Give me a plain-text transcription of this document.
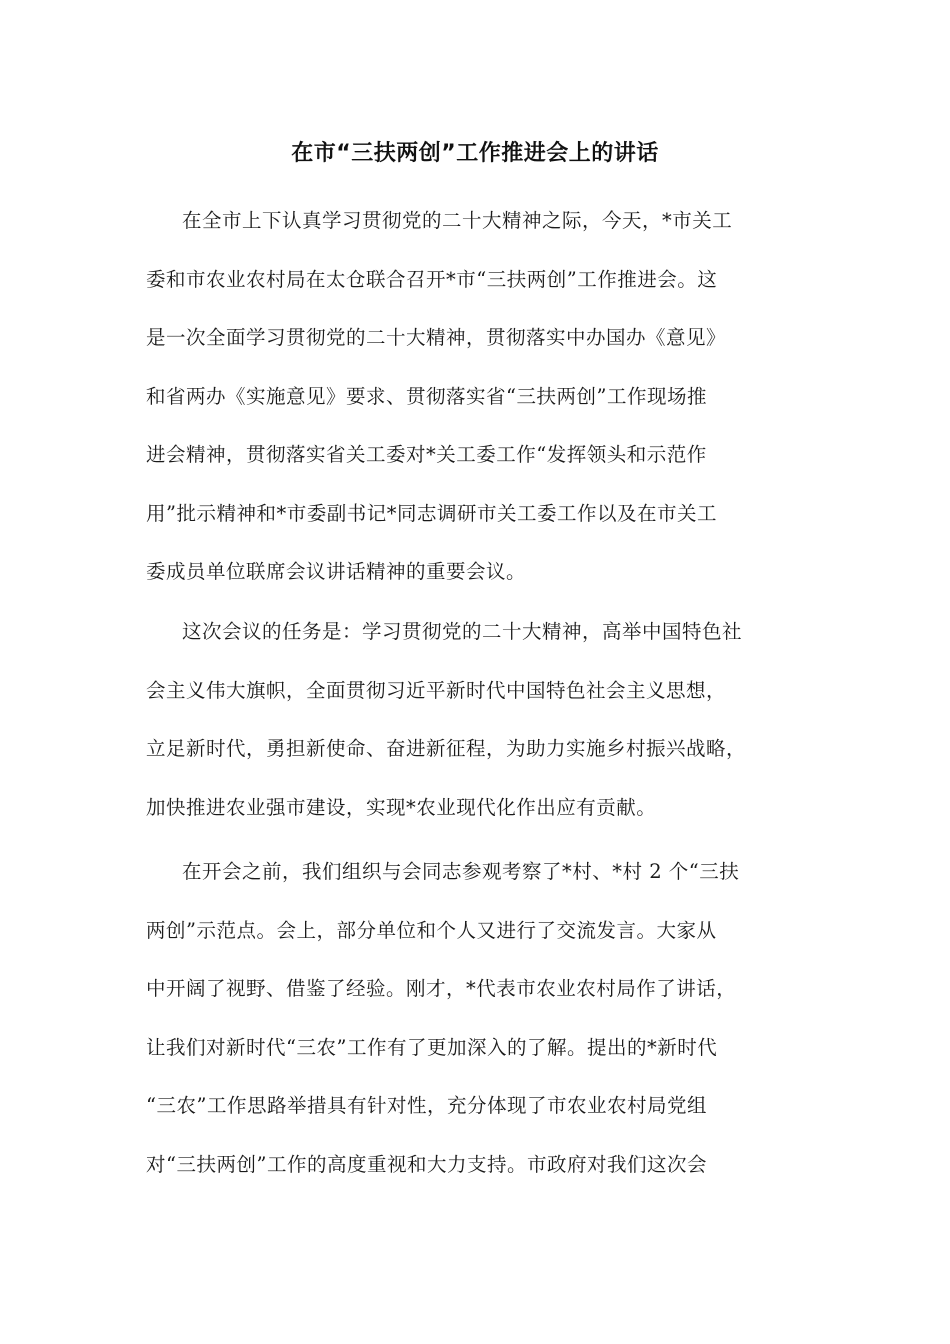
在市“三扶两创”工作推进会上的讲话
在全市上下认真学习贯彻党的二十大精神之际，今天，*市关工
委和市农业农村局在太仓联合召开*市“三扶两创”工作推进会。这
是一次全面学习贯彻党的二十大精神，贯彻落实中办国办《意见》
和省两办《实施意见》要求、贯彻落实省“三扶两创”工作现场推
进会精神，贯彻落实省关工委对*关工委工作“发挥领头和示范作
用”批示精神和*市委副书记*同志调研市关工委工作以及在市关工
委成员单位联席会议讲话精神的重要会议。
这次会议的任务是：学习贯彻党的二十大精神，高举中国特色社
会主义伟大旗帜，全面贯彻习近平新时代中国特色社会主义思想，
立足新时代，勇担新使命、奋进新征程，为助力实施乡村振兴战略，
加快推进农业强市建设，实现*农业现代化作出应有贡献。
在开会之前，我们组织与会同志参观考察了*村、*村 2 个“三扶
两创”示范点。会上，部分单位和个人又进行了交流发言。大家从
中开阔了视野、借鉴了经验。刚才，*代表市农业农村局作了讲话，
让我们对新时代“三农”工作有了更加深入的了解。提出的*新时代
“三农”工作思路举措具有针对性，充分体现了市农业农村局党组
对“三扶两创”工作的高度重视和大力支持。市政府对我们这次会
